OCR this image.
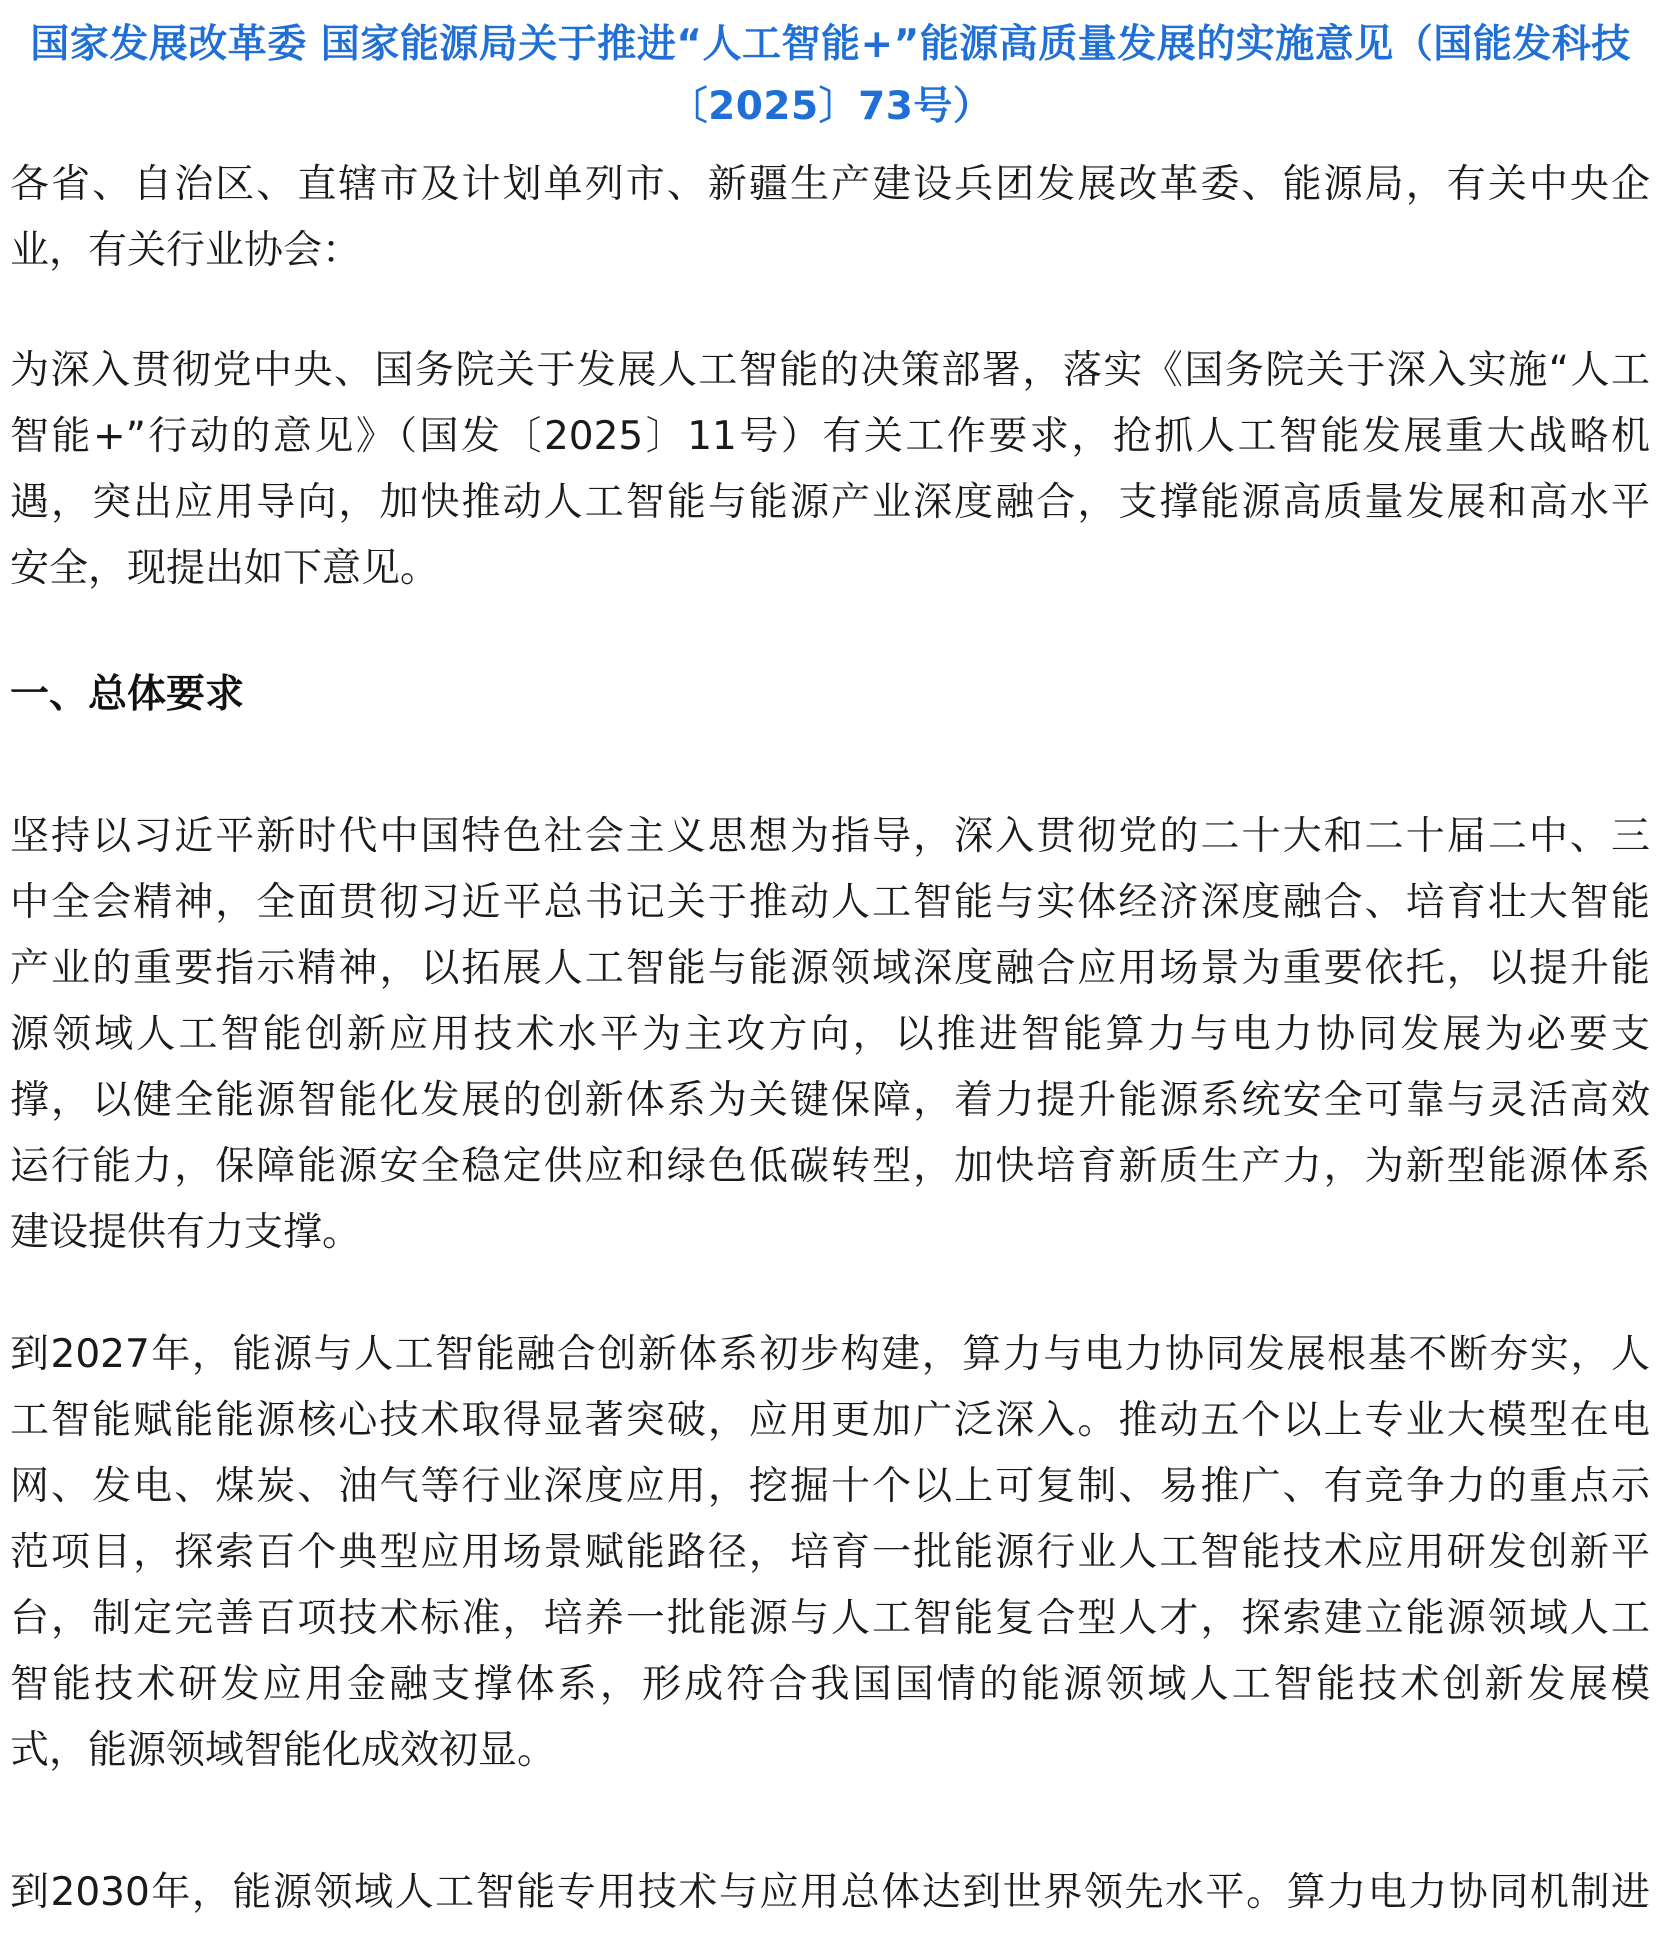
国家发展改革委 国家能源局关于推进“人工智能+”能源高质量发展的实施意见（国能发科技
〔2025〕73号）
各省、自治区、直辖市及计划单列市、新疆生产建设兵团发展改革委、能源局，有关中央企
业，有关行业协会：
为深入贯彻党中央、国务院关于发展人工智能的决策部署，落实《国务院关于深入实施“人工
智能+”行动的意见》（国发〔2025〕11号）有关工作要求，抢抓人工智能发展重大战略机
遇，突出应用导向，加快推动人工智能与能源产业深度融合，支撑能源高质量发展和高水平
安全，现提出如下意见。
一、总体要求
坚持以习近平新时代中国特色社会主义思想为指导，深入贯彻党的二十大和二十届二中、三
中全会精神，全面贯彻习近平总书记关于推动人工智能与实体经济深度融合、培育壮大智能
产业的重要指示精神，以拓展人工智能与能源领域深度融合应用场景为重要依托，以提升能
源领域人工智能创新应用技术水平为主攻方向，以推进智能算力与电力协同发展为必要支
撑，以健全能源智能化发展的创新体系为关键保障，着力提升能源系统安全可靠与灵活高效
运行能力，保障能源安全稳定供应和绿色低碳转型，加快培育新质生产力，为新型能源体系
建设提供有力支撑。
到2027年，能源与人工智能融合创新体系初步构建，算力与电力协同发展根基不断夯实，人
工智能赋能能源核心技术取得显著突破，应用更加广泛深入。推动五个以上专业大模型在电
网、发电、煤炭、油气等行业深度应用，挖掘十个以上可复制、易推广、有竞争力的重点示
范项目，探索百个典型应用场景赋能路径，培育一批能源行业人工智能技术应用研发创新平
台，制定完善百项技术标准，培养一批能源与人工智能复合型人才，探索建立能源领域人工
智能技术研发应用金融支撑体系，形成符合我国国情的能源领域人工智能技术创新发展模
式，能源领域智能化成效初显。
到2030年，能源领域人工智能专用技术与应用总体达到世界领先水平。算力电力协同机制进
